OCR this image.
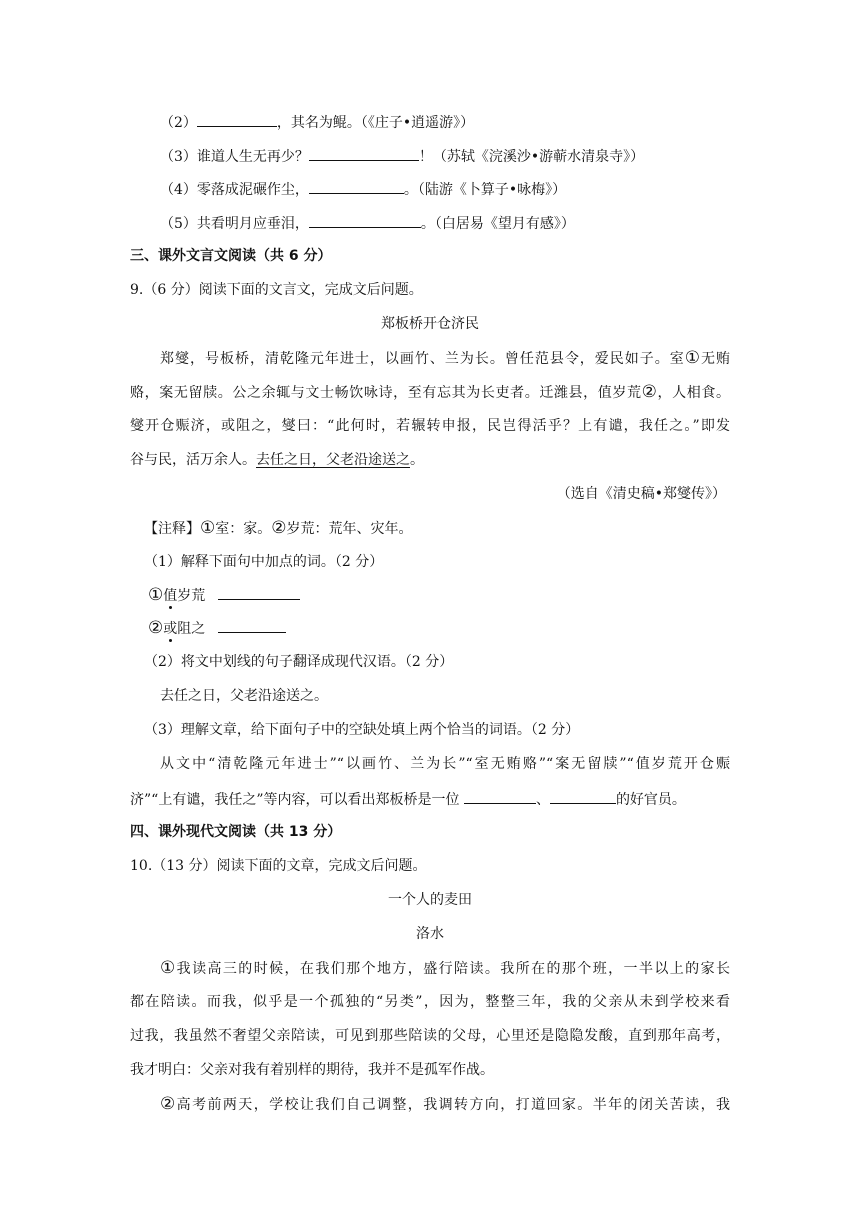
（2）	，其名为鲲。（《庄子•逍遥游》）
（3）谁道人生无再少？	！（苏轼《浣溪沙•游蕲水清泉寺》）
（4）零落成泥碾作尘，	。（陆游《卜算子•咏梅》）
（5）共看明月应垂泪，	。（白居易《望月有感》）
三、课外文言文阅读（共 6 分）
9.（6 分）阅读下面的文言文，完成文后问题。
郑板桥开仓济民
郑燮，号板桥，清乾隆元年进士，以画竹、兰为长。曾任范县令，爱民如子。室①无贿
赂，案无留牍。公之余辄与文士畅饮咏诗，至有忘其为长吏者。迁潍县，值岁荒②，人相食。
燮开仓赈济，或阻之，燮曰：“此何时，若辗转申报，民岂得活乎？上有谴，我任之。”即发
谷与民，活万余人。去任之日，父老沿途送之。
（选自《清史稿•郑燮传》）
【注释】①室：家。②岁荒：荒年、灾年。
（1）解释下面句中加点的词。（2 分）
①值岁荒
②或阻之
（2）将文中划线的句子翻译成现代汉语。（2 分）
去任之日，父老沿途送之。
（3）理解文章，给下面句子中的空缺处填上两个恰当的词语。（2 分）
从文中“清乾隆元年进士”“以画竹、兰为长”“室无贿赂”“案无留牍”“值岁荒开仓赈
济”“上有谴，我任之”等内容，可以看出郑板桥是一位	、	的好官员。
四、课外现代文阅读（共 13 分）
10.（13 分）阅读下面的文章，完成文后问题。
一个人的麦田
洛水
①我读高三的时候，在我们那个地方，盛行陪读。我所在的那个班，一半以上的家长
都在陪读。而我，似乎是一个孤独的“另类”，因为，整整三年，我的父亲从未到学校来看
过我，我虽然不奢望父亲陪读，可见到那些陪读的父母，心里还是隐隐发酸，直到那年高考，
我才明白：父亲对我有着别样的期待，我并不是孤军作战。
②高考前两天，学校让我们自己调整，我调转方向，打道回家。半年的闭关苦读，我
